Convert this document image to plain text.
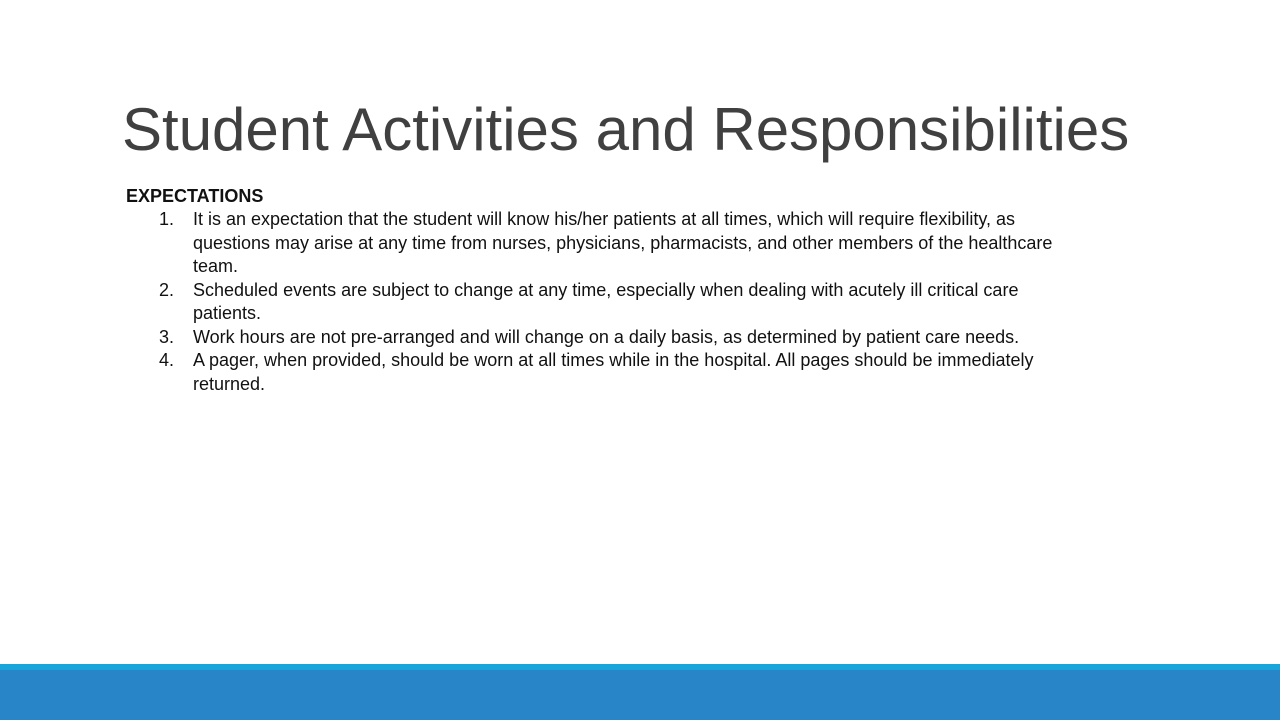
Student Activities and Responsibilities
EXPECTATIONS
1.	It is an expectation that the student will know his/her patients at all times, which will require flexibility, as questions may arise at any time from nurses, physicians, pharmacists, and other members of the healthcare team.
2.	Scheduled events are subject to change at any time, especially when dealing with acutely ill critical care patients.
3.	Work hours are not pre-arranged and will change on a daily basis, as determined by patient care needs.
4.	A pager, when provided, should be worn at all times while in the hospital. All pages should be immediately returned.
